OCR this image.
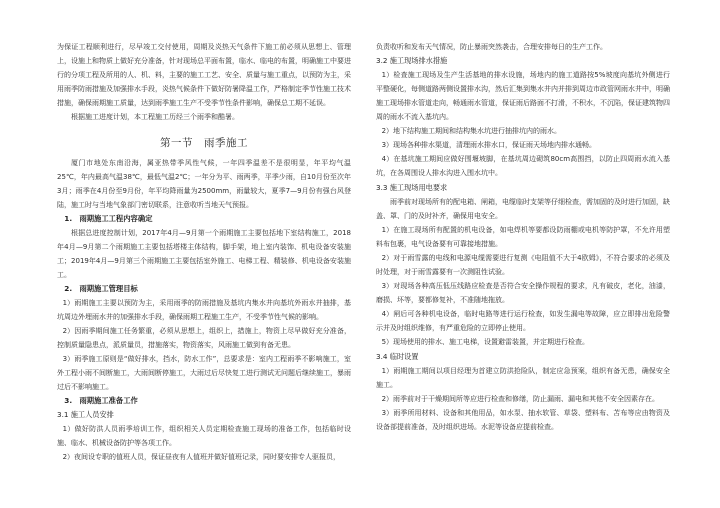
为保证工程顺利进行，尽早竣工交付使用，周期及炎热天气条件下施工前必须从思想上、管理上，设施上和物质上做好充分准备，针对现场总平面布置，临水、临电的布置，明确施工中要进行的分项工程及所用的人、机、料，主要的施工工艺、安全、质量与施工重点，以预防为主，采用雨季防雨措施及加强排水手段，炎热气候条件下做好防暑降温工作，严格制定季节性施工技术措施，确保雨期施工质量，达到雨季施工生产不受季节性条件影响，确保总工期不延误。

根据施工进度计划，本工程施工历经三个雨季和酷暑。

第一节　雨季施工

厦门市地处东南沿海，属亚热带季风性气候，一年四季温差不是很明显，年平均气温25℃，年内最高气温38℃，最低气温2℃；一年分为平、雨两季，平季少雨，自10月份至次年3月；雨季在4月份至9月份，年平均降雨量为2500mm，雨量较大，夏季7—9月份有强台风登陆，施工时与当地气象部门密切联系，注意收听当地天气预报。

1.　雨期施工工程内容确定

根据总进度控制计划，2017年4月—9月第一个雨期施工主要包括地下室结构施工，2018年4月—9月第二个雨期施工主要包括塔楼主体结构，脚手架，地上室内装饰、机电设备安装施工；2019年4月—9月第三个雨期施工主要包括室外施工、电梯工程、精装修、机电设备安装施工。

2.　雨期施工管理目标

1）雨期施工主要以预防为主，采用雨季的防雨措施及基坑内集水井向基坑外雨水井抽排，基坑周边外埋雨水井的加强排水手段，确保雨期工程施工生产，不受季节性气候的影响。

2）因雨季期间施工任务繁重，必须从思想上，组织上，措施上，物资上尽早做好充分准备，控制质量隐患点，派质量员，措施落实，物资落实，风雨施工做到有备无患。

3）雨季施工原则是“做好排水，挡水，防水工作”，总要求是：室内工程雨季不影响施工，室外工程小雨不间断施工，大雨间断停施工，大雨过后尽快复工进行测试无问题后继续施工，暴雨过后不影响施工。

3.　雨期施工准备工作

3.1 施工人员安排

1）做好防洪人员雨季培训工作，组织相关人员定期检查施工现场的准备工作，包括临时设施、临水、机械设备防护等各项工作。

2）夜间设专职的值班人员，保证昼夜有人值班并做好值班记录，同时要安排专人驱报员，

负责收听和发布天气情况，防止暴雨突然袭击，合理安排每日的生产工作。

3.2 施工现场排水措施

1）检查施工现场及生产生活基地的排水设施，场地内的施工道路按5%坡度向基坑外侧进行平整硬化，每侧道路两侧设置排水沟，然后汇集到集水井内并排到周边市政管网雨水井中，明确施工现场排水管道走向，畅通雨水管道，保证雨后路面不打滑，不积水，不沉陷，保证建筑物四周的雨水不流入基坑内。

2）地下结构施工期间和结构集水坑进行抽排坑内的雨水。

3）现场各种排水渠道，清理雨水排水口，保证雨天场地内排水通畅。

4）在基坑施工期间应做好围堰坡脚，在基坑周边砌筑80cm高围挡，以防止四周雨水流入基坑，在各周围设人排水沟进入围水坑中。

3.3 施工现场用电要求

雨季前对现场所有的配电箱、闸箱，电缆临时支架等仔细检查，需加固的及时进行加固，缺盖、罩、门的及时补齐，确保用电安全。

1）在施工现场所有配置的机电设备，如电焊机等要都设防雨棚或电机等防护罩，不允许用塑料布包裹，电气设备要有可靠接地措施。

2）对于雨雪露的电线和电源电缆需要进行复测《电阻值不大于4欧姆》，不符合要求的必须及时处理，对于雨雪露要有一次测阻性试验。

3）对现场各种高压低压线路应检查是否符合安全操作规程的要求，凡有破皮，老化，油漆，磨损、坏等，要都修复补，不准随地拖放。

4）闸后可各种机电设备，临时电路等进行运行检查，如发生漏电等故障，应立即排出危险警示并及时组织维修，有严重危险的立即停止使用。

5）现场使用的排水、施工电梯，设置避雷装置，并定期进行检查。

3.4 临时设置

1）雨期施工期间以项目经理为首建立防洪抢险队，制定应急预案，组织有备无患，确保安全施工。

2）雨季前对于干燥期间所等应进行检查和修缮，防止漏雨、漏电和其他不安全因素存在。

3）雨季所用材料、设备和其他用品，如水泵、抽水软管、草袋、塑料布、苫布等应由物资及设备部提前准备，及时组织进场。水泥等设备应提前检查。
